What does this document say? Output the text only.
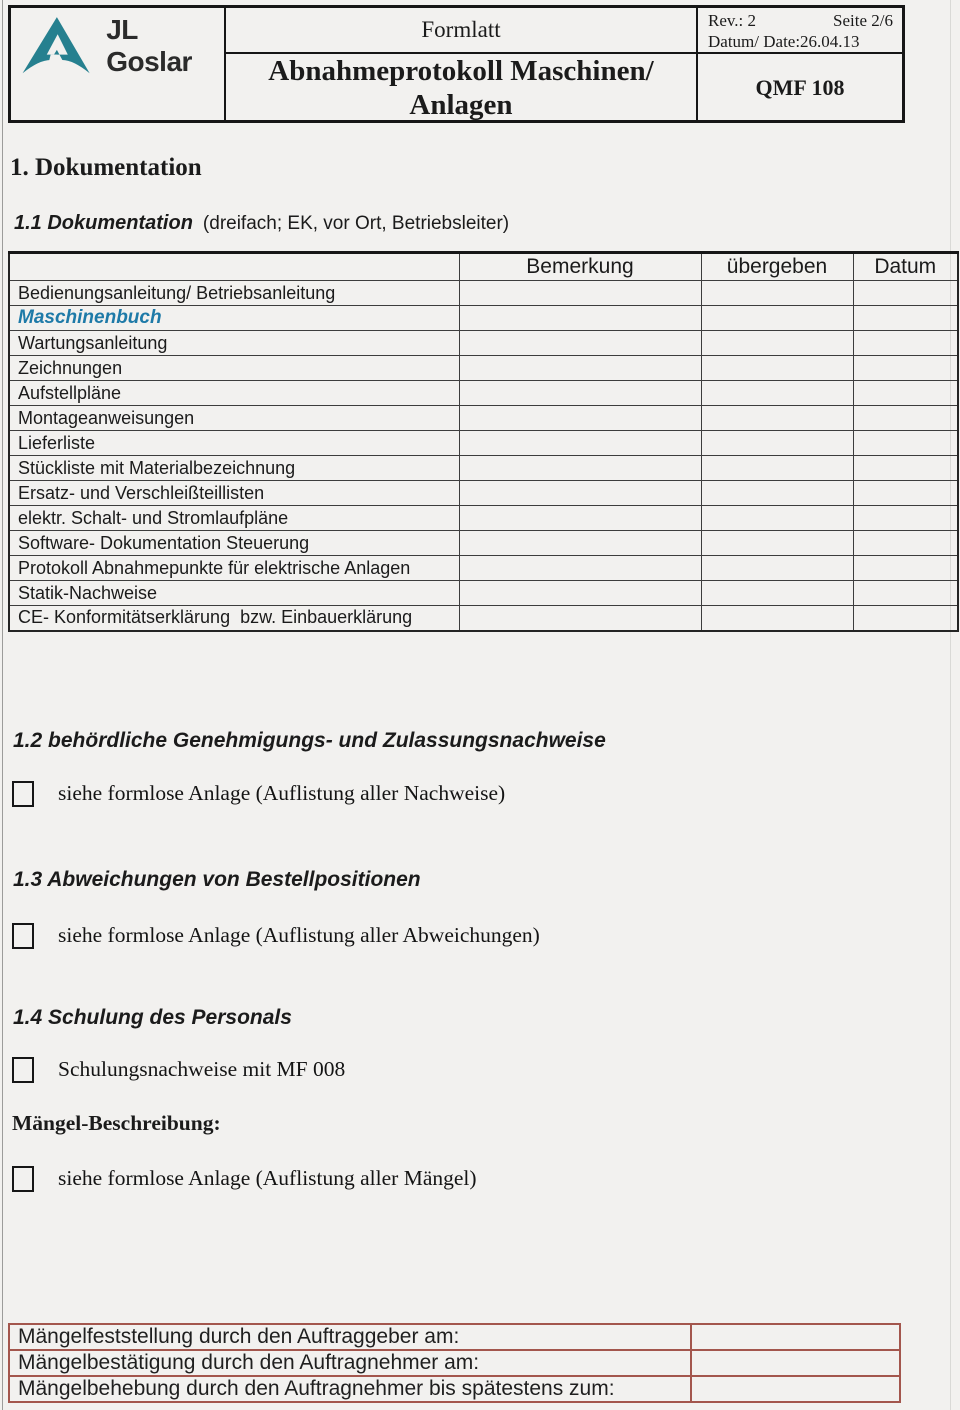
JL Goslar
Formlatt	Rev.: 2	Seite 2/6
Datum/ Date:26.04.13
Abnahmeprotokoll Maschinen/
Anlagen
QMF 108
1. Dokumentation
1.1 Dokumentation (dreifach; EK, vor Ort, Betriebsleiter)
	Bemerkung	übergeben	Datum
Bedienungsanleitung/ Betriebsanleitung			
Maschinenbuch			
Wartungsanleitung			
Zeichnungen			
Aufstellpläne			
Montageanweisungen			
Lieferliste			
Stückliste mit Materialbezeichnung			
Ersatz- und Verschleißteillisten			
elektr. Schalt- und Stromlaufpläne			
Software- Dokumentation Steuerung			
Protokoll Abnahmepunkte für elektrische Anlagen			
Statik-Nachweise			
CE- Konformitätserklärung  bzw. Einbauerklärung			
1.2 behördliche Genehmigungs- und Zulassungsnachweise
siehe formlose Anlage (Auflistung aller Nachweise)
1.3 Abweichungen von Bestellpositionen
siehe formlose Anlage (Auflistung aller Abweichungen)
1.4 Schulung des Personals
Schulungsnachweise mit MF 008
Mängel-Beschreibung:
siehe formlose Anlage (Auflistung aller Mängel)
Mängelfeststellung durch den Auftraggeber am:	
Mängelbestätigung durch den Auftragnehmer am:	
Mängelbehebung durch den Auftragnehmer bis spätestens zum:	
